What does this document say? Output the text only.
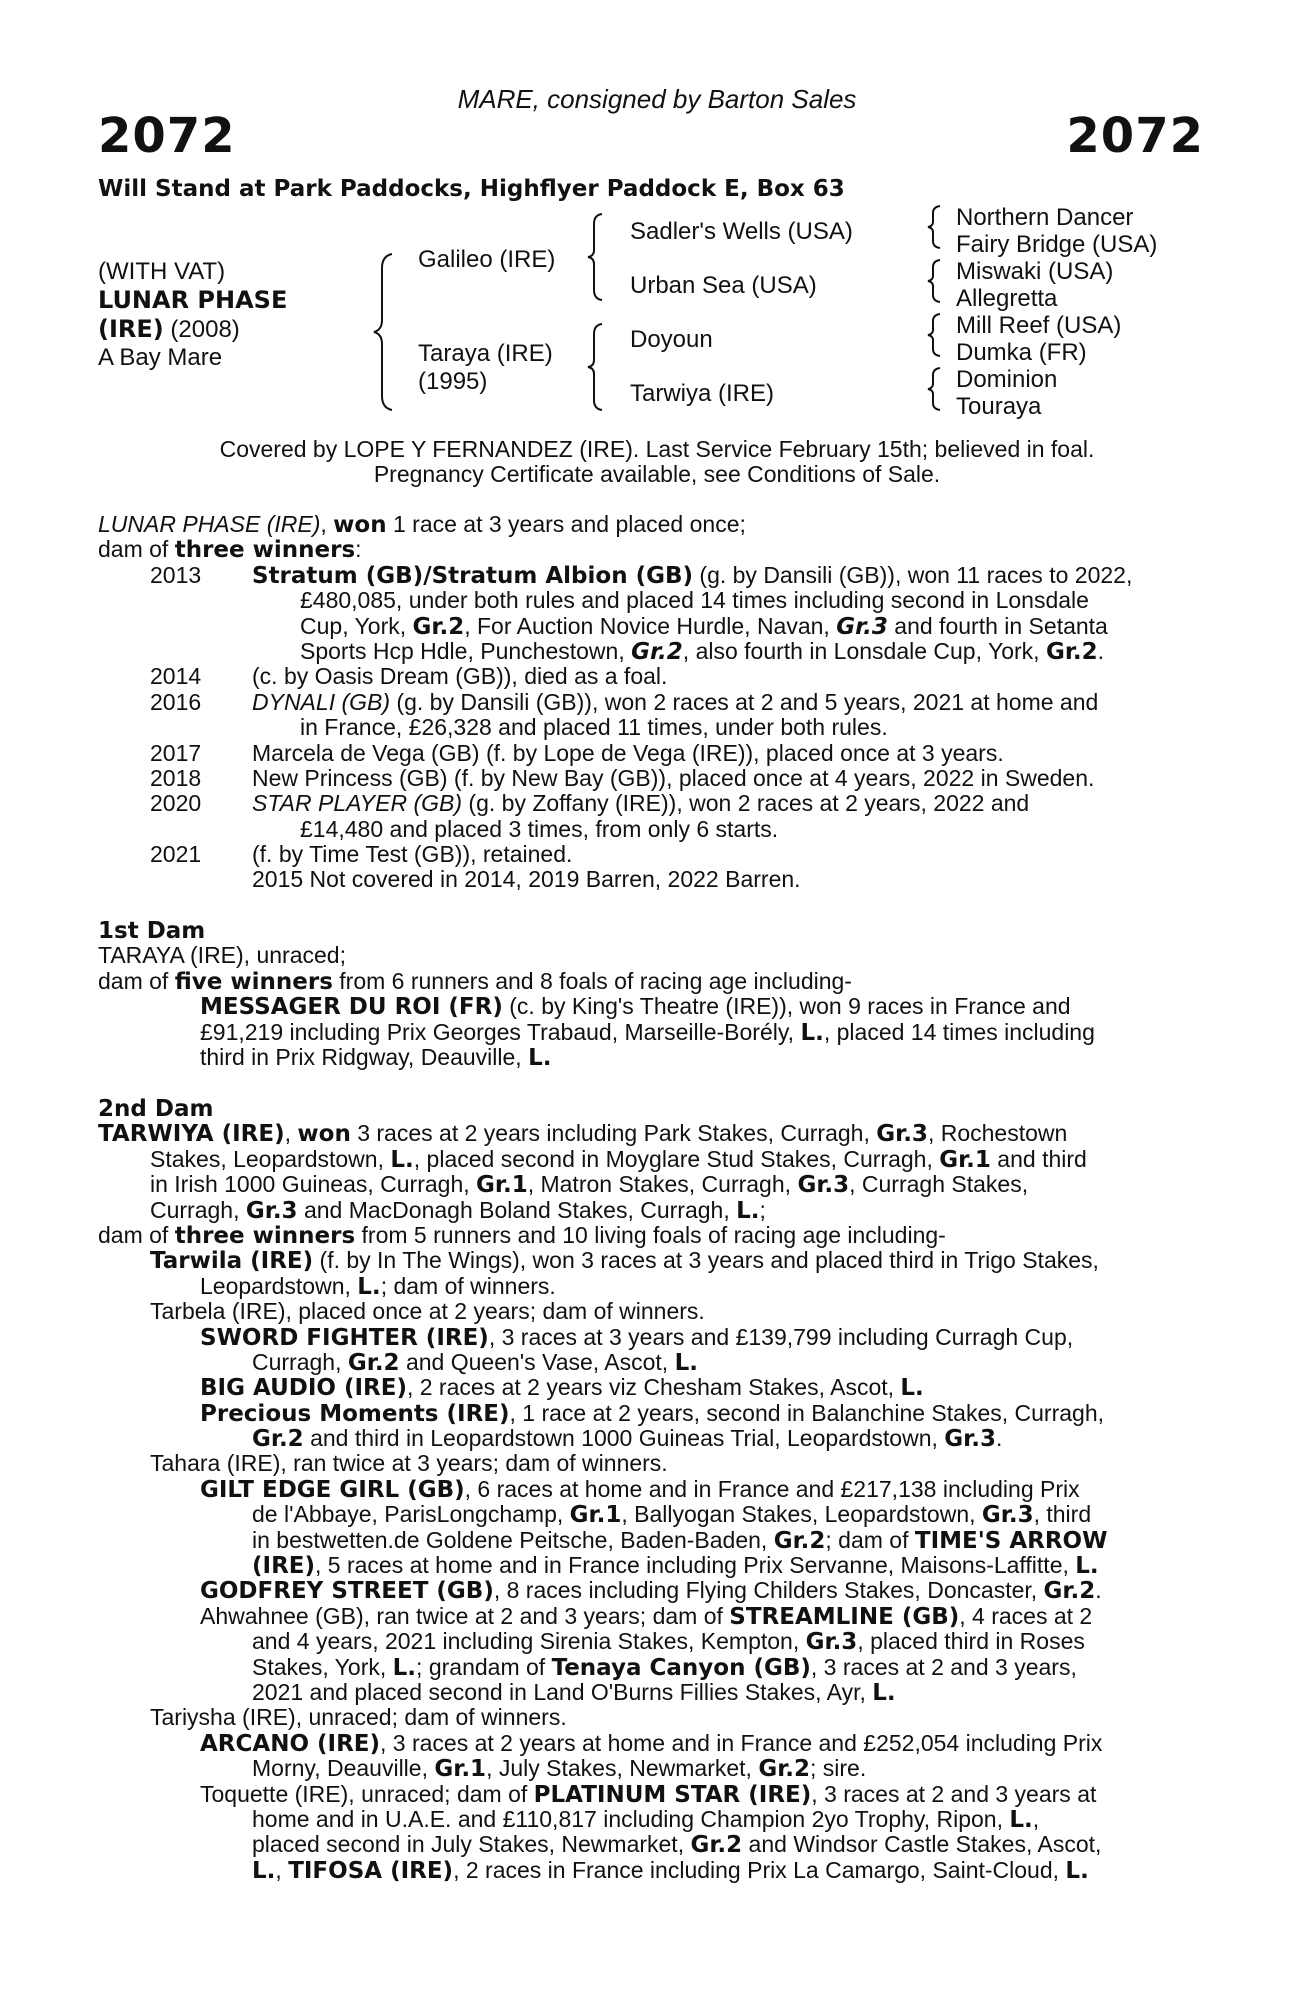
MARE, consigned by Barton Sales
2072	2072
Will Stand at Park Paddocks, Highflyer Paddock E, Box 63
(WITH VAT)
LUNAR PHASE
(IRE) (2008)
A Bay Mare
Galileo (IRE)
Taraya (IRE)
(1995)
Sadler's Wells (USA)
Urban Sea (USA)
Doyoun
Tarwiya (IRE)
Northern Dancer
Fairy Bridge (USA)
Miswaki (USA)
Allegretta
Mill Reef (USA)
Dumka (FR)
Dominion
Touraya
Covered by LOPE Y FERNANDEZ (IRE). Last Service February 15th; believed in foal.
Pregnancy Certificate available, see Conditions of Sale.
LUNAR PHASE (IRE), won 1 race at 3 years and placed once;
dam of three winners:
2013 Stratum (GB)/Stratum Albion (GB) (g. by Dansili (GB)), won 11 races to 2022,
£480,085, under both rules and placed 14 times including second in Lonsdale
Cup, York, Gr.2, For Auction Novice Hurdle, Navan, Gr.3 and fourth in Setanta
Sports Hcp Hdle, Punchestown, Gr.2, also fourth in Lonsdale Cup, York, Gr.2.
2014 (c. by Oasis Dream (GB)), died as a foal.
2016 DYNALI (GB) (g. by Dansili (GB)), won 2 races at 2 and 5 years, 2021 at home and
in France, £26,328 and placed 11 times, under both rules.
2017 Marcela de Vega (GB) (f. by Lope de Vega (IRE)), placed once at 3 years.
2018 New Princess (GB) (f. by New Bay (GB)), placed once at 4 years, 2022 in Sweden.
2020 STAR PLAYER (GB) (g. by Zoffany (IRE)), won 2 races at 2 years, 2022 and
£14,480 and placed 3 times, from only 6 starts.
2021 (f. by Time Test (GB)), retained.
2015 Not covered in 2014, 2019 Barren, 2022 Barren.
1st Dam
TARAYA (IRE), unraced;
dam of five winners from 6 runners and 8 foals of racing age including-
MESSAGER DU ROI (FR) (c. by King's Theatre (IRE)), won 9 races in France and
£91,219 including Prix Georges Trabaud, Marseille-Borély, L., placed 14 times including
third in Prix Ridgway, Deauville, L.
2nd Dam
TARWIYA (IRE), won 3 races at 2 years including Park Stakes, Curragh, Gr.3, Rochestown
Stakes, Leopardstown, L., placed second in Moyglare Stud Stakes, Curragh, Gr.1 and third
in Irish 1000 Guineas, Curragh, Gr.1, Matron Stakes, Curragh, Gr.3, Curragh Stakes,
Curragh, Gr.3 and MacDonagh Boland Stakes, Curragh, L.;
dam of three winners from 5 runners and 10 living foals of racing age including-
Tarwila (IRE) (f. by In The Wings), won 3 races at 3 years and placed third in Trigo Stakes,
Leopardstown, L.; dam of winners.
Tarbela (IRE), placed once at 2 years; dam of winners.
SWORD FIGHTER (IRE), 3 races at 3 years and £139,799 including Curragh Cup,
Curragh, Gr.2 and Queen's Vase, Ascot, L.
BIG AUDIO (IRE), 2 races at 2 years viz Chesham Stakes, Ascot, L.
Precious Moments (IRE), 1 race at 2 years, second in Balanchine Stakes, Curragh,
Gr.2 and third in Leopardstown 1000 Guineas Trial, Leopardstown, Gr.3.
Tahara (IRE), ran twice at 3 years; dam of winners.
GILT EDGE GIRL (GB), 6 races at home and in France and £217,138 including Prix
de l'Abbaye, ParisLongchamp, Gr.1, Ballyogan Stakes, Leopardstown, Gr.3, third
in bestwetten.de Goldene Peitsche, Baden-Baden, Gr.2; dam of TIME'S ARROW
(IRE), 5 races at home and in France including Prix Servanne, Maisons-Laffitte, L.
GODFREY STREET (GB), 8 races including Flying Childers Stakes, Doncaster, Gr.2.
Ahwahnee (GB), ran twice at 2 and 3 years; dam of STREAMLINE (GB), 4 races at 2
and 4 years, 2021 including Sirenia Stakes, Kempton, Gr.3, placed third in Roses
Stakes, York, L.; grandam of Tenaya Canyon (GB), 3 races at 2 and 3 years,
2021 and placed second in Land O'Burns Fillies Stakes, Ayr, L.
Tariysha (IRE), unraced; dam of winners.
ARCANO (IRE), 3 races at 2 years at home and in France and £252,054 including Prix
Morny, Deauville, Gr.1, July Stakes, Newmarket, Gr.2; sire.
Toquette (IRE), unraced; dam of PLATINUM STAR (IRE), 3 races at 2 and 3 years at
home and in U.A.E. and £110,817 including Champion 2yo Trophy, Ripon, L.,
placed second in July Stakes, Newmarket, Gr.2 and Windsor Castle Stakes, Ascot,
L., TIFOSA (IRE), 2 races in France including Prix La Camargo, Saint-Cloud, L.
